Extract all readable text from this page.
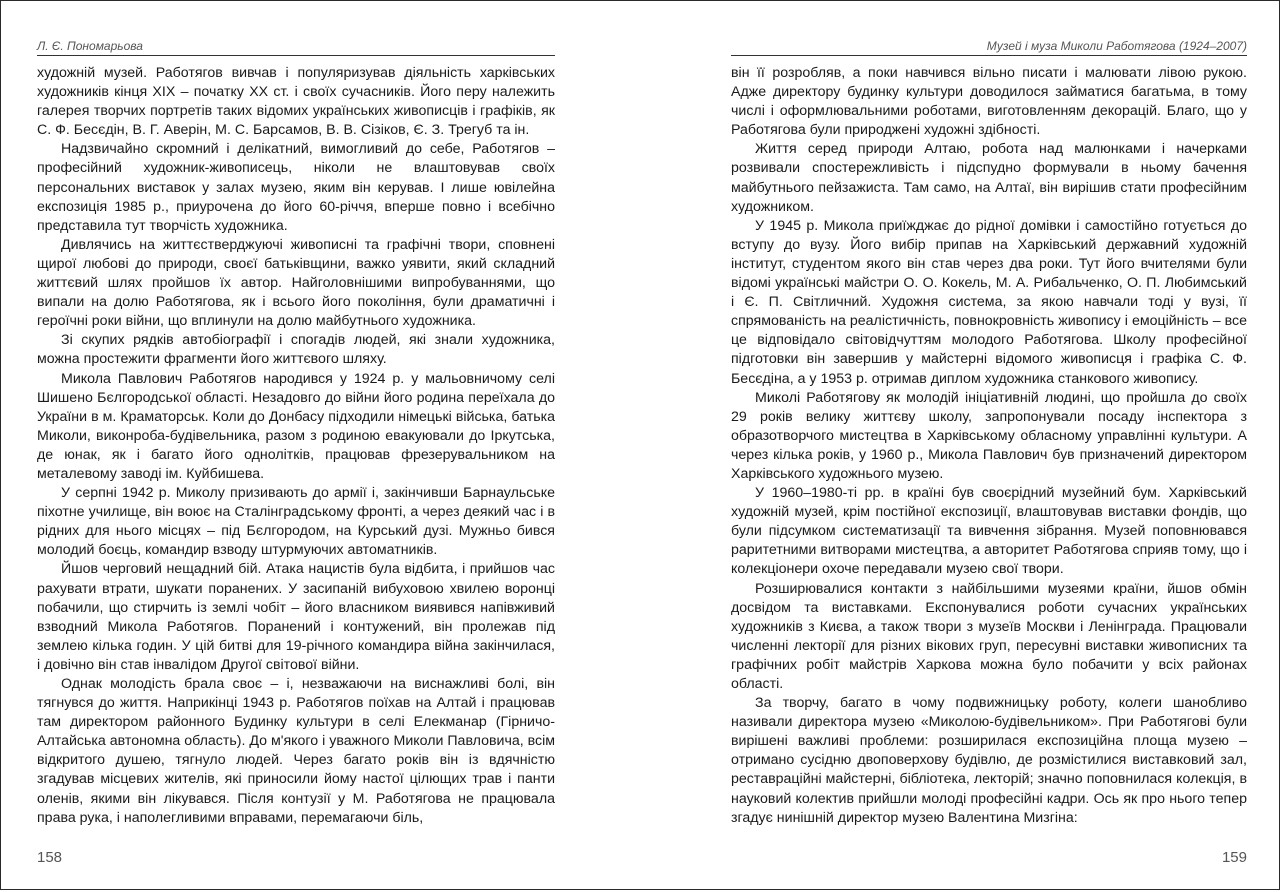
Л. Є. Пономарьова

художній музей. Работягов вивчав і популяризував діяльність харківських художників кінця XIX – початку XX ст. і своїх сучасників. Його перу належить галерея творчих портретів таких відомих українських живописців і графіків, як С. Ф. Бесєдін, В. Г. Аверін, М. С. Барсамов, В. В. Сізіков, Є. З. Трегуб та ін.

Надзвичайно скромний і делікатний, вимогливий до себе, Работягов – професійний художник-живописець, ніколи не влаштовував своїх персональних виставок у залах музею, яким він керував. І лише ювілейна експозиція 1985 р., приурочена до його 60-річчя, вперше повно і всебічно представила тут творчість художника.

Дивлячись на життєстверджуючі живописні та графічні твори, сповнені щирої любові до природи, своєї батьківщини, важко уявити, який складний життєвий шлях пройшов їх автор. Найголовнішими випробуваннями, що випали на долю Работягова, як і всього його покоління, були драматичні і героїчні роки війни, що вплинули на долю майбутнього художника.

Зі скупих рядків автобіографії і спогадів людей, які знали художника, можна простежити фрагменти його життєвого шляху.

Микола Павлович Работягов народився у 1924 р. у мальовничому селі Шишено Бєлгородської області. Незадовго до війни його родина переїхала до України в м. Краматорськ. Коли до Донбасу підходили німецькі війська, батька Миколи, виконроба-будівельника, разом з родиною евакуювали до Іркутська, де юнак, як і багато його однолітків, працював фрезерувальником на металевому заводі ім. Куйбишева.

У серпні 1942 р. Миколу призивають до армії і, закінчивши Барнаульське піхотне училище, він воює на Сталінградському фронті, а через деякий час і в рідних для нього місцях – під Бєлгородом, на Курський дузі. Мужньо бився молодий боєць, командир взводу штурмуючих автоматників.

Йшов черговий нещадний бій. Атака нацистів була відбита, і прийшов час рахувати втрати, шукати поранених. У засипаній вибуховою хвилею воронці побачили, що стирчить із землі чобіт – його власником виявився напівживий взводний Микола Работягов. Поранений і контужений, він пролежав під землею кілька годин. У цій битві для 19-річного командира війна закінчилася, і довічно він став інвалідом Другої світової війни.

Однак молодість брала своє – і, незважаючи на виснажливі болі, він тягнувся до життя. Наприкінці 1943 р. Работягов поїхав на Алтай і працював там директором районного Будинку культури в селі Елекманар (Гірничо-Алтайська автономна область). До м'якого і уважного Миколи Павловича, всім відкритого душею, тягнуло людей. Через багато років він із вдячністю згадував місцевих жителів, які приносили йому настої цілющих трав і панти оленів, якими він лікувався. Після контузії у М. Работягова не працювала права рука, і наполегливими вправами, перемагаючи біль,

158
Музей і муза Миколи Работягова (1924–2007)

він її розробляв, а поки навчився вільно писати і малювати лівою рукою. Адже директору будинку культури доводилося займатися багатьма, в тому числі і оформлювальними роботами, виготовленням декорацій. Благо, що у Работягова були природжені художні здібності.

Життя серед природи Алтаю, робота над малюнками і начерками розвивали спостережливість і підспудно формували в ньому бачення майбутнього пейзажиста. Там само, на Алтаї, він вирішив стати професійним художником.

У 1945 р. Микола приїжджає до рідної домівки і самостійно готується до вступу до вузу. Його вибір припав на Харківський державний художній інститут, студентом якого він став через два роки. Тут його вчителями були відомі українські майстри О. О. Кокель, М. А. Рибальченко, О. П. Любимський і Є. П. Світличний. Художня система, за якою навчали тоді у вузі, її спрямованість на реалістичність, повнокровність живопису і емоційність – все це відповідало світовідчуттям молодого Работягова. Школу професійної підготовки він завершив у майстерні відомого живописця і графіка С. Ф. Бесєдіна, а у 1953 р. отримав диплом художника станкового живопису.

Миколі Работягову як молодій ініціативній людині, що пройшла до своїх 29 років велику життєву школу, запропонували посаду інспектора з образотворчого мистецтва в Харківському обласному управлінні культури. А через кілька років, у 1960 р., Микола Павлович був призначений директором Харківського художнього музею.

У 1960–1980-ті рр. в країні був своєрідний музейний бум. Харківський художній музей, крім постійної експозиції, влаштовував виставки фондів, що були підсумком систематизації та вивчення зібрання. Музей поповнювався раритетними витворами мистецтва, а авторитет Работягова сприяв тому, що і колекціонери охоче передавали музею свої твори.

Розширювалися контакти з найбільшими музеями країни, йшов обмін досвідом та виставками. Експонувалися роботи сучасних українських художників з Києва, а також твори з музеїв Москви і Ленінграда. Працювали численні лекторії для різних вікових груп, пересувні виставки живописних та графічних робіт майстрів Харкова можна було побачити у всіх районах області.

За творчу, багато в чому подвижницьку роботу, колеги шанобливо називали директора музею «Миколою-будівельником». При Работягові були вирішені важливі проблеми: розширилася експозиційна площа музею – отримано сусідню двоповерхову будівлю, де розмістилися виставковий зал, реставраційні майстерні, бібліотека, лекторій; значно поповнилася колекція, в науковий колектив прийшли молоді професійні кадри. Ось як про нього тепер згадує нинішній директор музею Валентина Мизгіна:

159
